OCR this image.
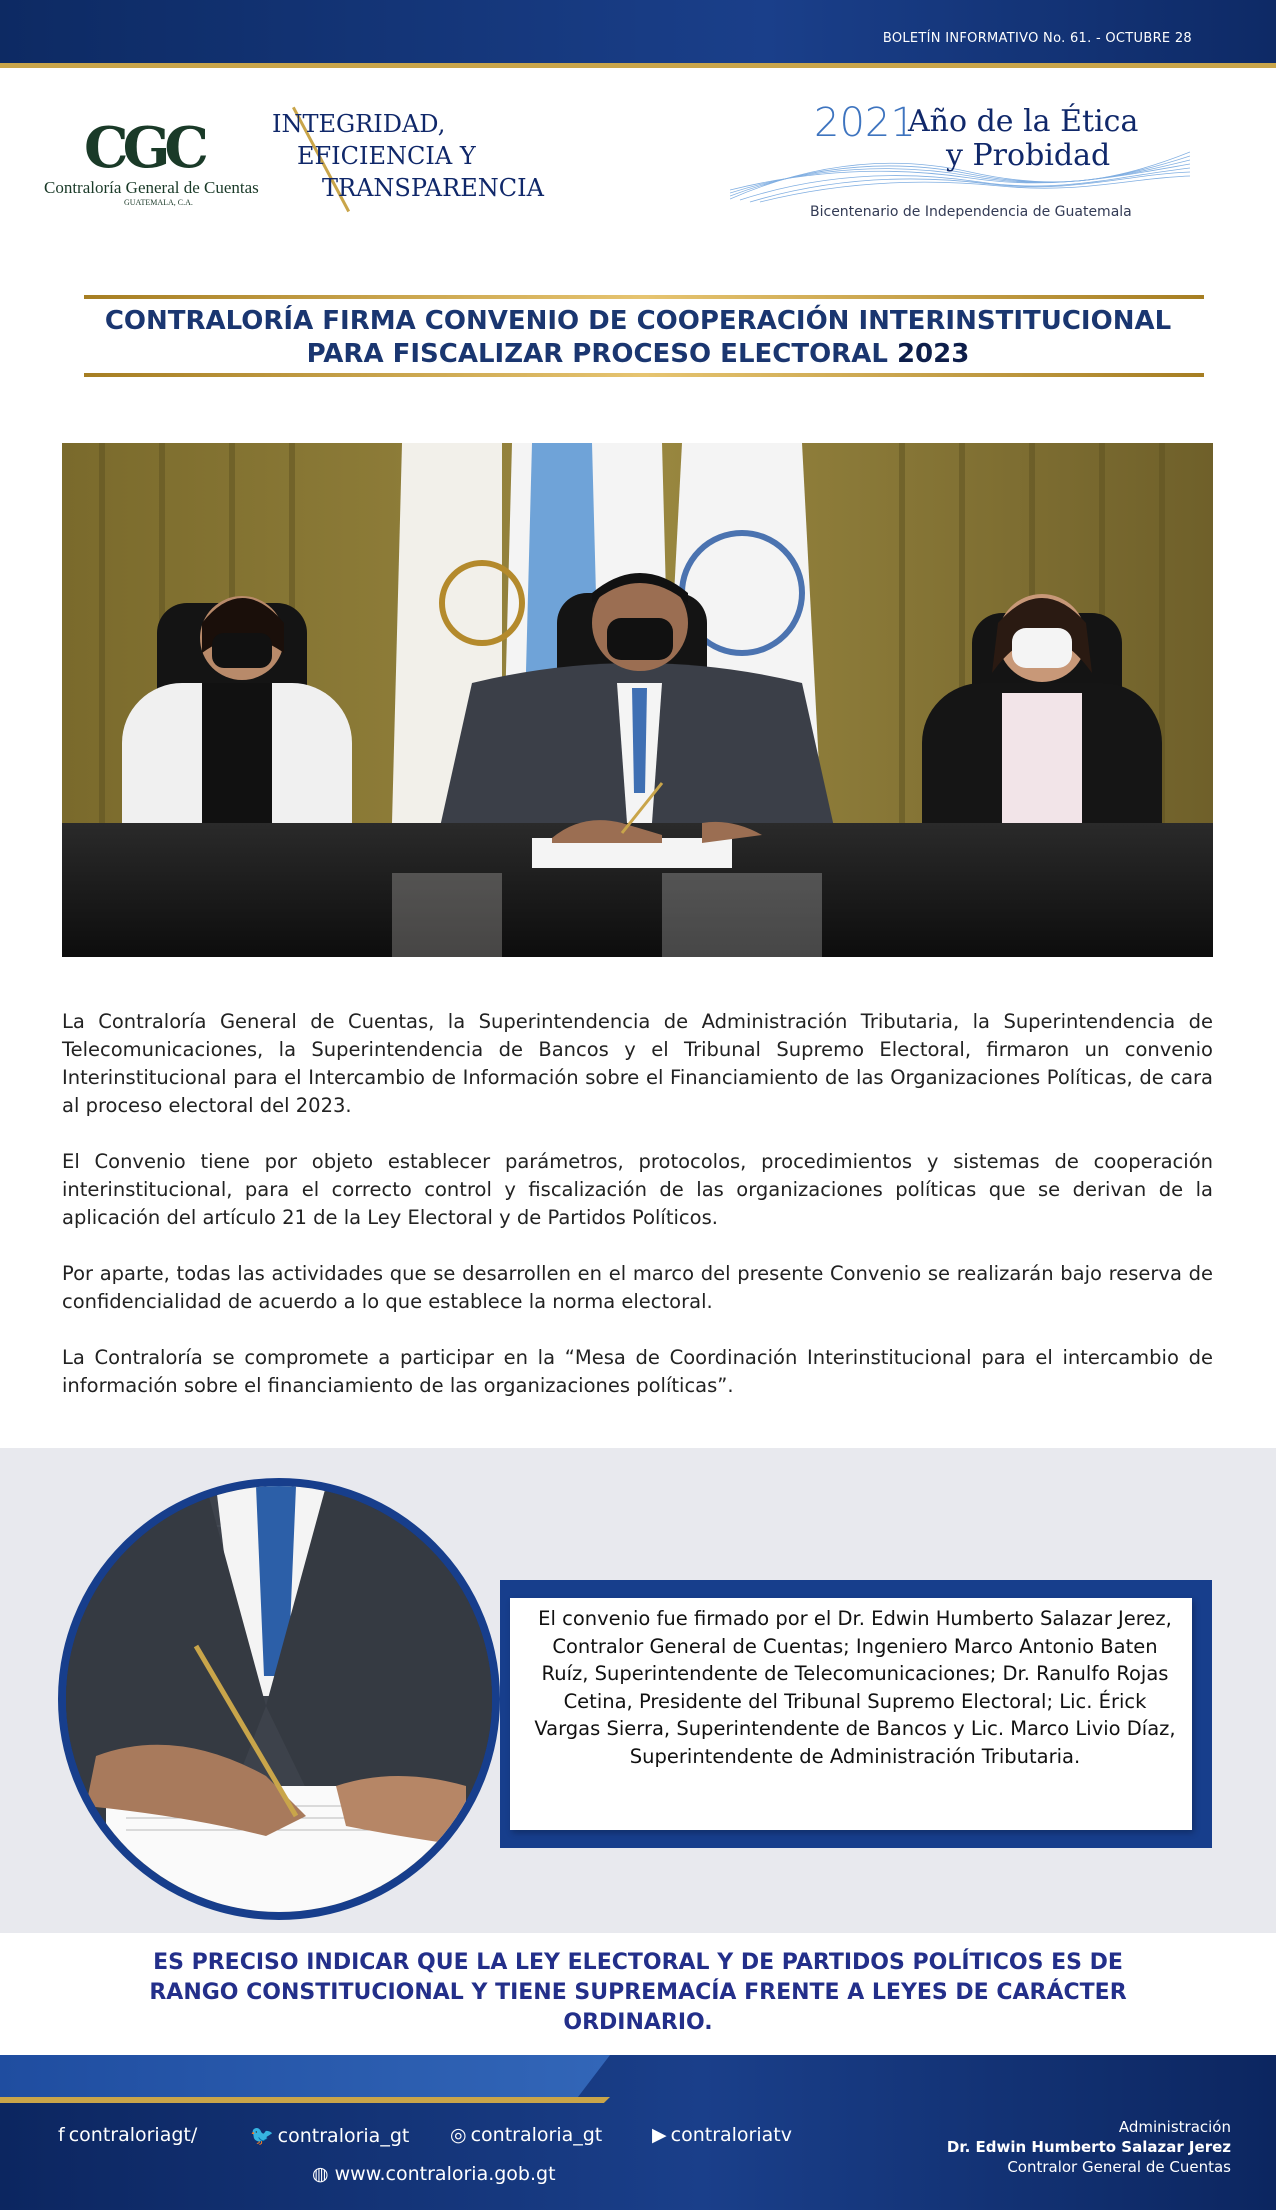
BOLETÍN INFORMATIVO No. 61. - OCTUBRE 28
CGC
Contraloría General de Cuentas
GUATEMALA, C.A.
INTEGRIDAD,
EFICIENCIA Y
TRANSPARENCIA
2021
Año de la Ética
y Probidad
Bicentenario de Independencia de Guatemala
CONTRALORÍA FIRMA CONVENIO DE COOPERACIÓN INTERINSTITUCIONAL
PARA FISCALIZAR PROCESO ELECTORAL 2023

La Contraloría General de Cuentas, la Superintendencia de Administración Tributaria, la Superintendencia de Telecomunicaciones, la Superintendencia de Bancos y el Tribunal Supremo Electoral, firmaron un convenio Interinstitucional para el Intercambio de Información sobre el Financiamiento de las Organizaciones Políticas, de cara al proceso electoral del 2023.

El Convenio tiene por objeto establecer parámetros, protocolos, procedimientos y sistemas de cooperación interinstitucional, para el correcto control y fiscalización de las organizaciones políticas que se derivan de la aplicación del artículo 21 de la Ley Electoral y de Partidos Políticos.

Por aparte, todas las actividades que se desarrollen en el marco del presente Convenio se realizarán bajo reserva de confidencialidad de acuerdo a lo que establece la norma electoral.

La Contraloría se compromete a participar en la “Mesa de Coordinación Interinstitucional para el intercambio de información sobre el financiamiento de las organizaciones políticas”.

El convenio fue firmado por el Dr. Edwin Humberto Salazar Jerez, Contralor General de Cuentas; Ingeniero Marco Antonio Baten Ruíz, Superintendente de Telecomunicaciones; Dr. Ranulfo Rojas Cetina, Presidente del Tribunal Supremo Electoral; Lic. Érick Vargas Sierra, Superintendente de Bancos y Lic. Marco Livio Díaz, Superintendente de Administración Tributaria.
ES PRECISO INDICAR QUE LA LEY ELECTORAL Y DE PARTIDOS POLÍTICOS ES DE RANGO CONSTITUCIONAL Y TIENE SUPREMACÍA FRENTE A LEYES DE CARÁCTER ORDINARIO.
f contraloriagt/	🐦 contraloria_gt ◎ contraloria_gt	▶ contraloriatv
◍ www.contraloria.gob.gt
Administración
Dr. Edwin Humberto Salazar Jerez
Contralor General de Cuentas
